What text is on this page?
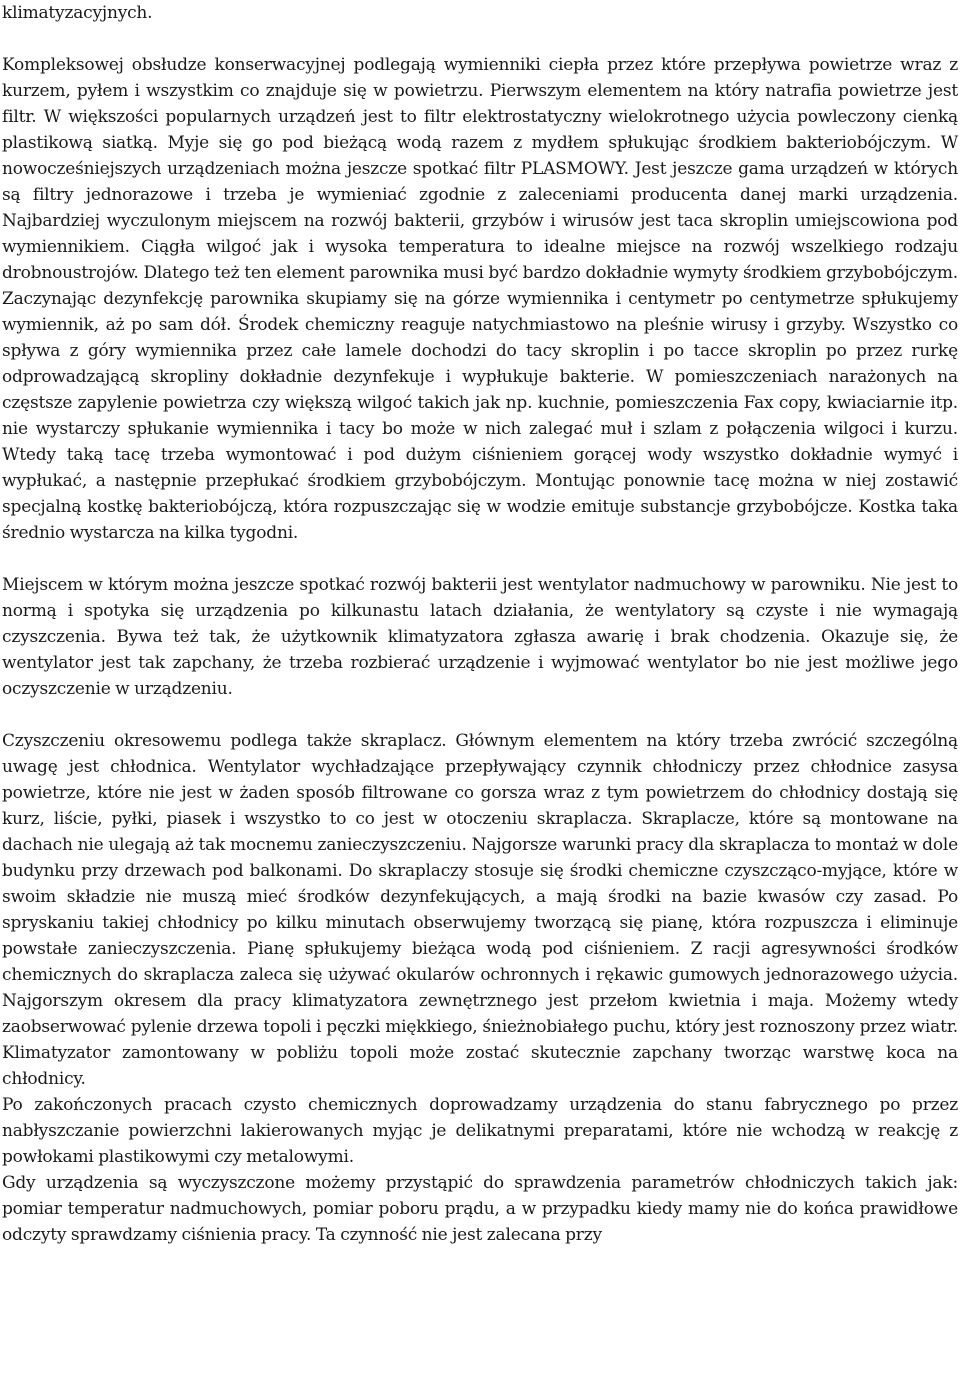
klimatyzacyjnych.

Kompleksowej obsłudze konserwacyjnej podlegają wymienniki ciepła przez które przepływa powietrze wraz z kurzem, pyłem i wszystkim co znajduje się w powietrzu. Pierwszym elementem na który natrafia powietrze jest filtr. W większości popularnych urządzeń jest to filtr elektrostatyczny wielokrotnego użycia powleczony cienką plastikową siatką. Myje się go pod bieżącą wodą razem z mydłem spłukując środkiem bakteriobójczym. W nowocześniejszych urządzeniach można jeszcze spotkać filtr PLASMOWY. Jest jeszcze gama urządzeń w których są filtry jednorazowe i trzeba je wymieniać zgodnie z zaleceniami producenta danej marki urządzenia. Najbardziej wyczulonym miejscem na rozwój bakterii, grzybów i wirusów jest taca skroplin umiejscowiona pod wymiennikiem. Ciągła wilgoć jak i wysoka temperatura to idealne miejsce na rozwój wszelkiego rodzaju drobnoustrojów. Dlatego też ten element parownika musi być bardzo dokładnie wymyty środkiem grzybobójczym. Zaczynając dezynfekcję parownika skupiamy się na górze wymiennika i centymetr po centymetrze spłukujemy wymiennik, aż po sam dół. Środek chemiczny reaguje natychmiastowo na pleśnie wirusy i grzyby. Wszystko co spływa z góry wymiennika przez całe lamele dochodzi do tacy skroplin i po tacce skroplin po przez rurkę odprowadzającą skropliny dokładnie dezynfekuje i wypłukuje bakterie. W pomieszczeniach narażonych na częstsze zapylenie powietrza czy większą wilgoć takich jak np. kuchnie, pomieszczenia Fax copy, kwiaciarnie itp. nie wystarczy spłukanie wymiennika i tacy bo może w nich zalegać muł i szlam z połączenia wilgoci i kurzu. Wtedy taką tacę trzeba wymontować i pod dużym ciśnieniem gorącej wody wszystko dokładnie wymyć i wypłukać, a następnie przepłukać środkiem grzybobójczym. Montując ponownie tacę można w niej zostawić specjalną kostkę bakteriobójczą, która rozpuszczając się w wodzie emituje substancje grzybobójcze. Kostka taka średnio wystarcza na kilka tygodni.

Miejscem w którym można jeszcze spotkać rozwój bakterii jest wentylator nadmuchowy w parowniku. Nie jest to normą i spotyka się urządzenia po kilkunastu latach działania, że wentylatory są czyste i nie wymagają czyszczenia. Bywa też tak, że użytkownik klimatyzatora zgłasza awarię i brak chodzenia. Okazuje się, że wentylator jest tak zapchany, że trzeba rozbierać urządzenie i wyjmować wentylator bo nie jest możliwe jego oczyszczenie w urządzeniu.

Czyszczeniu okresowemu podlega także skraplacz. Głównym elementem na który trzeba zwrócić szczególną uwagę jest chłodnica. Wentylator wychładzające przepływający czynnik chłodniczy przez chłodnice zasysa powietrze, które nie jest w żaden sposób filtrowane co gorsza wraz z tym powietrzem do chłodnicy dostają się kurz, liście, pyłki, piasek i wszystko to co jest w otoczeniu skraplacza. Skraplacze, które są montowane na dachach nie ulegają aż tak mocnemu zanieczyszczeniu. Najgorsze warunki pracy dla skraplacza to montaż w dole budynku przy drzewach pod balkonami. Do skraplaczy stosuje się środki chemiczne czyszcząco-myjące, które w swoim składzie nie muszą mieć środków dezynfekujących, a mają środki na bazie kwasów czy zasad. Po spryskaniu takiej chłodnicy po kilku minutach obserwujemy tworzącą się pianę, która rozpuszcza i eliminuje powstałe zanieczyszczenia. Pianę spłukujemy bieżąca wodą pod ciśnieniem. Z racji agresywności środków chemicznych do skraplacza zaleca się używać okularów ochronnych i rękawic gumowych jednorazowego użycia. Najgorszym okresem dla pracy klimatyzatora zewnętrznego jest przełom kwietnia i maja. Możemy wtedy zaobserwować pylenie drzewa topoli i pęczki miękkiego, śnieżnobiałego puchu, który jest roznoszony przez wiatr. Klimatyzator zamontowany w pobliżu topoli może zostać skutecznie zapchany tworząc warstwę koca na chłodnicy.

Po zakończonych pracach czysto chemicznych doprowadzamy urządzenia do stanu fabrycznego po przez nabłyszczanie powierzchni lakierowanych myjąc je delikatnymi preparatami, które nie wchodzą w reakcję z powłokami plastikowymi czy metalowymi.

Gdy urządzenia są wyczyszczone możemy przystąpić do sprawdzenia parametrów chłodniczych takich jak: pomiar temperatur nadmuchowych, pomiar poboru prądu, a w przypadku kiedy mamy nie do końca prawidłowe odczyty sprawdzamy ciśnienia pracy. Ta czynność nie jest zalecana przy
